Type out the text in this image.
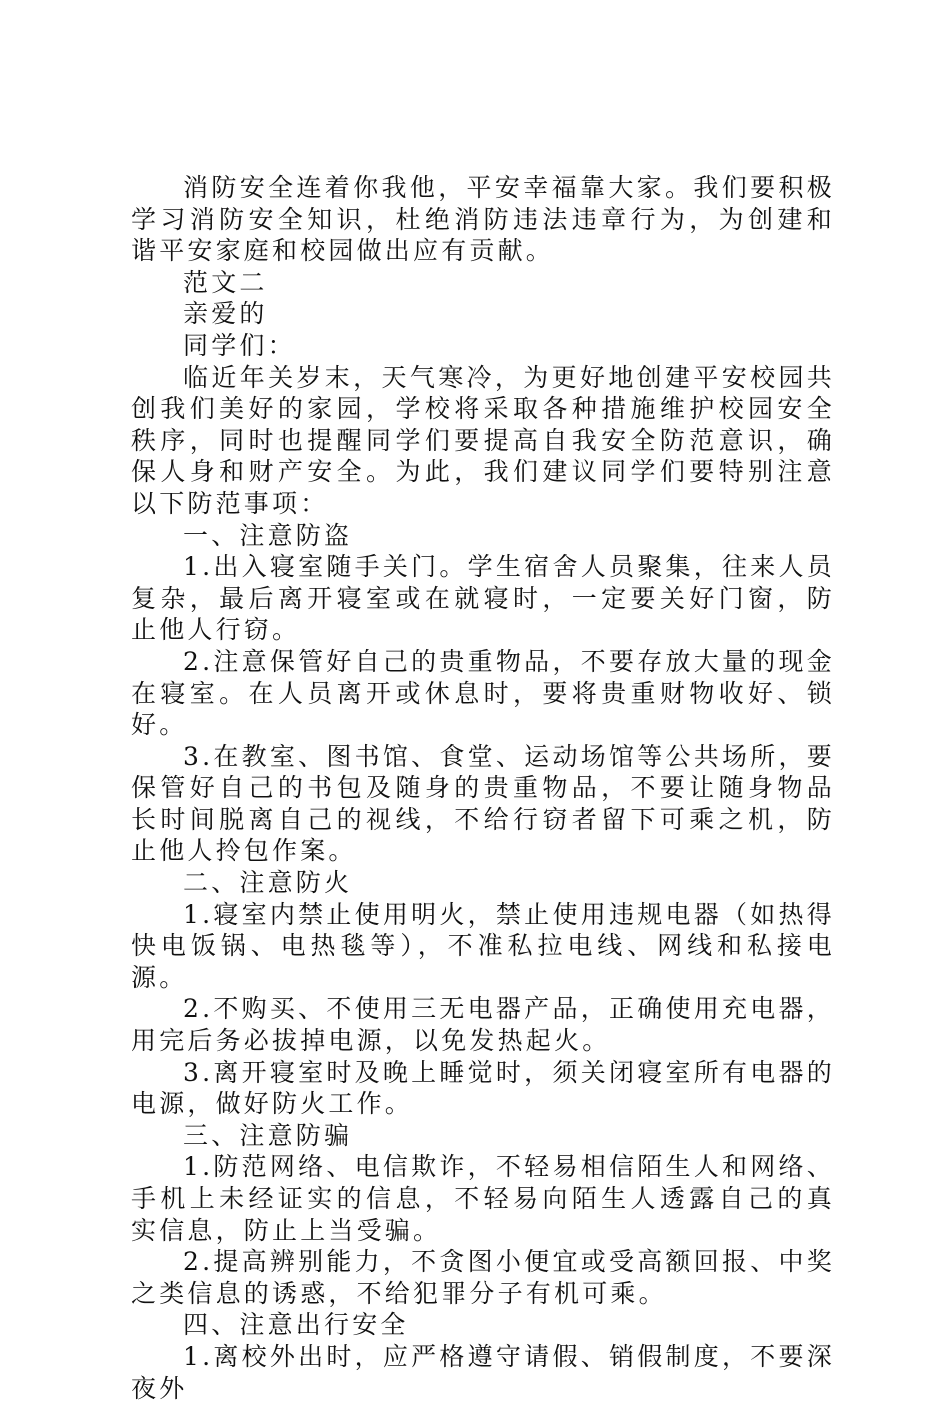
消防安全连着你我他，平安幸福靠大家。我们要积极学习消防安全知识，杜绝消防违法违章行为，为创建和谐平安家庭和校园做出应有贡献。

范文二

亲爱的

同学们：

临近年关岁末，天气寒冷，为更好地创建平安校园共创我们美好的家园，学校将采取各种措施维护校园安全秩序，同时也提醒同学们要提高自我安全防范意识，确保人身和财产安全。为此，我们建议同学们要特别注意以下防范事项：

一、注意防盗

1.出入寝室随手关门。学生宿舍人员聚集，往来人员复杂，最后离开寝室或在就寝时，一定要关好门窗，防止他人行窃。

2.注意保管好自己的贵重物品，不要存放大量的现金在寝室。在人员离开或休息时，要将贵重财物收好、锁好。

3.在教室、图书馆、食堂、运动场馆等公共场所，要保管好自己的书包及随身的贵重物品，不要让随身物品长时间脱离自己的视线，不给行窃者留下可乘之机，防止他人拎包作案。

二、注意防火

1.寝室内禁止使用明火，禁止使用违规电器（如热得快电饭锅、电热毯等），不准私拉电线、网线和私接电源。

2.不购买、不使用三无电器产品，正确使用充电器，用完后务必拔掉电源，以免发热起火。

3.离开寝室时及晚上睡觉时，须关闭寝室所有电器的电源，做好防火工作。

三、注意防骗

1.防范网络、电信欺诈，不轻易相信陌生人和网络、手机上未经证实的信息，不轻易向陌生人透露自己的真实信息，防止上当受骗。

2.提高辨别能力，不贪图小便宜或受高额回报、中奖之类信息的诱惑，不给犯罪分子有机可乘。

四、注意出行安全

1.离校外出时，应严格遵守请假、销假制度，不要深夜外
